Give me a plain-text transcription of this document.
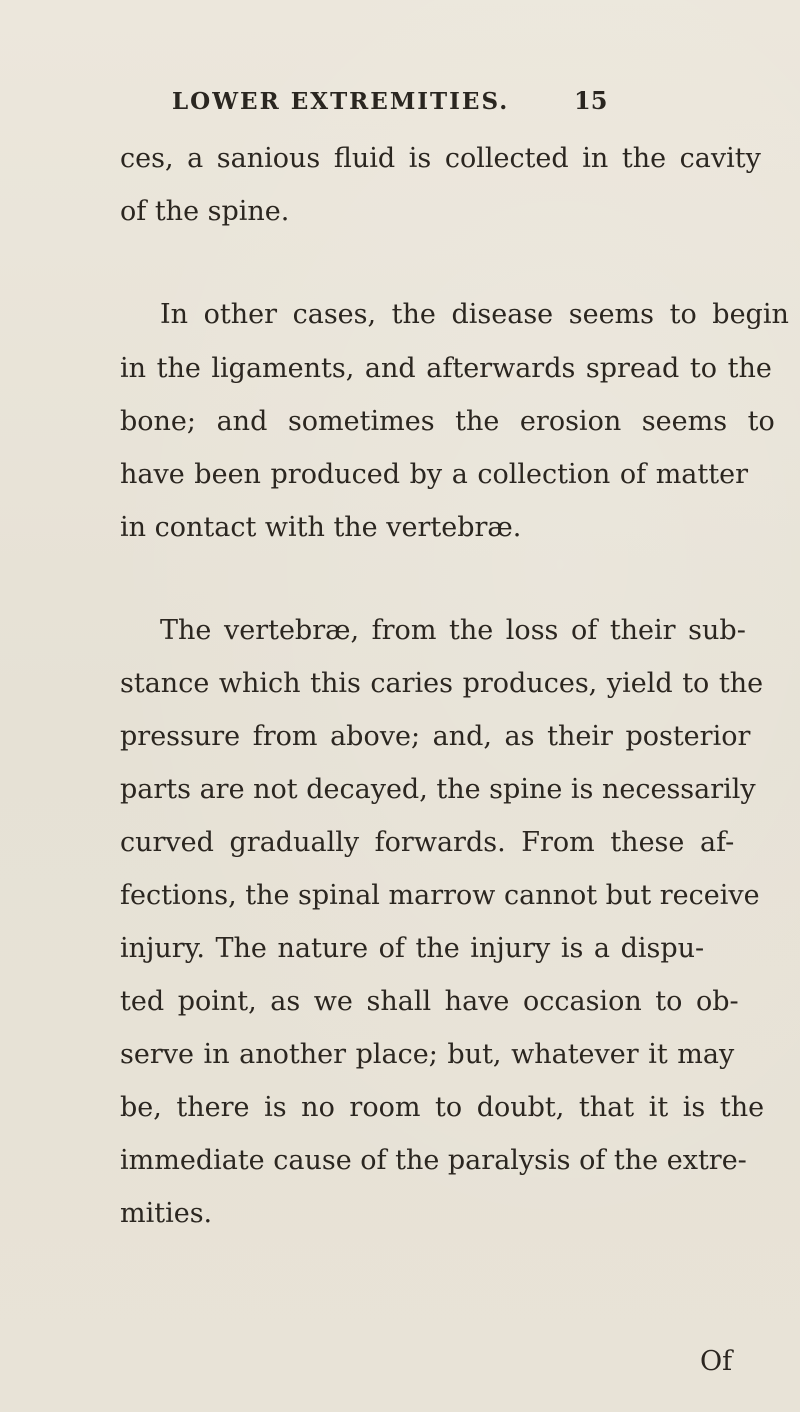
LOWER EXTREMITIES.	15
ces, a sanious fluid is collected in the cavity
of the spine.
In other cases, the disease seems to begin
in the ligaments, and afterwards spread to the
bone; and sometimes the erosion seems to
have been produced by a collection of matter
in contact with the vertebræ.
The vertebræ, from the loss of their sub-
stance which this caries produces, yield to the
pressure from above; and, as their posterior
parts are not decayed, the spine is necessarily
curved gradually forwards. From these af-
fections, the spinal marrow cannot but receive
injury. The nature of the injury is a dispu-
ted point, as we shall have occasion to ob-
serve in another place; but, whatever it may
be, there is no room to doubt, that it is the
immediate cause of the paralysis of the extre-
mities.
Of
